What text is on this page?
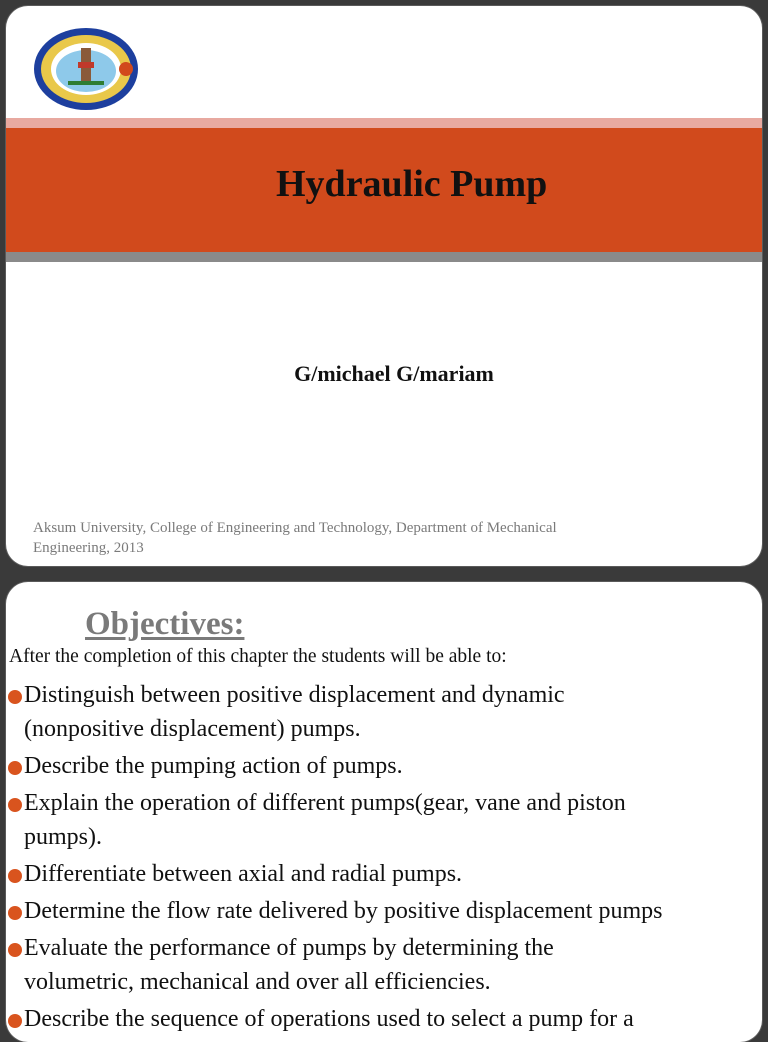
Hydraulic Pump
G/michael G/mariam
Aksum University, College of Engineering and Technology, Department of Mechanical
Engineering, 2013
Objectives:
After the completion of this chapter the students will be able to:
Distinguish between positive displacement and dynamic
(nonpositive displacement) pumps.
Describe the pumping action of pumps.
Explain the operation of different pumps(gear, vane and piston
pumps).
Differentiate between axial and radial pumps.
Determine the flow rate delivered by positive displacement pumps
Evaluate the performance of pumps by determining the
volumetric, mechanical and over all efficiencies.
Describe the sequence of operations used to select a pump for a
